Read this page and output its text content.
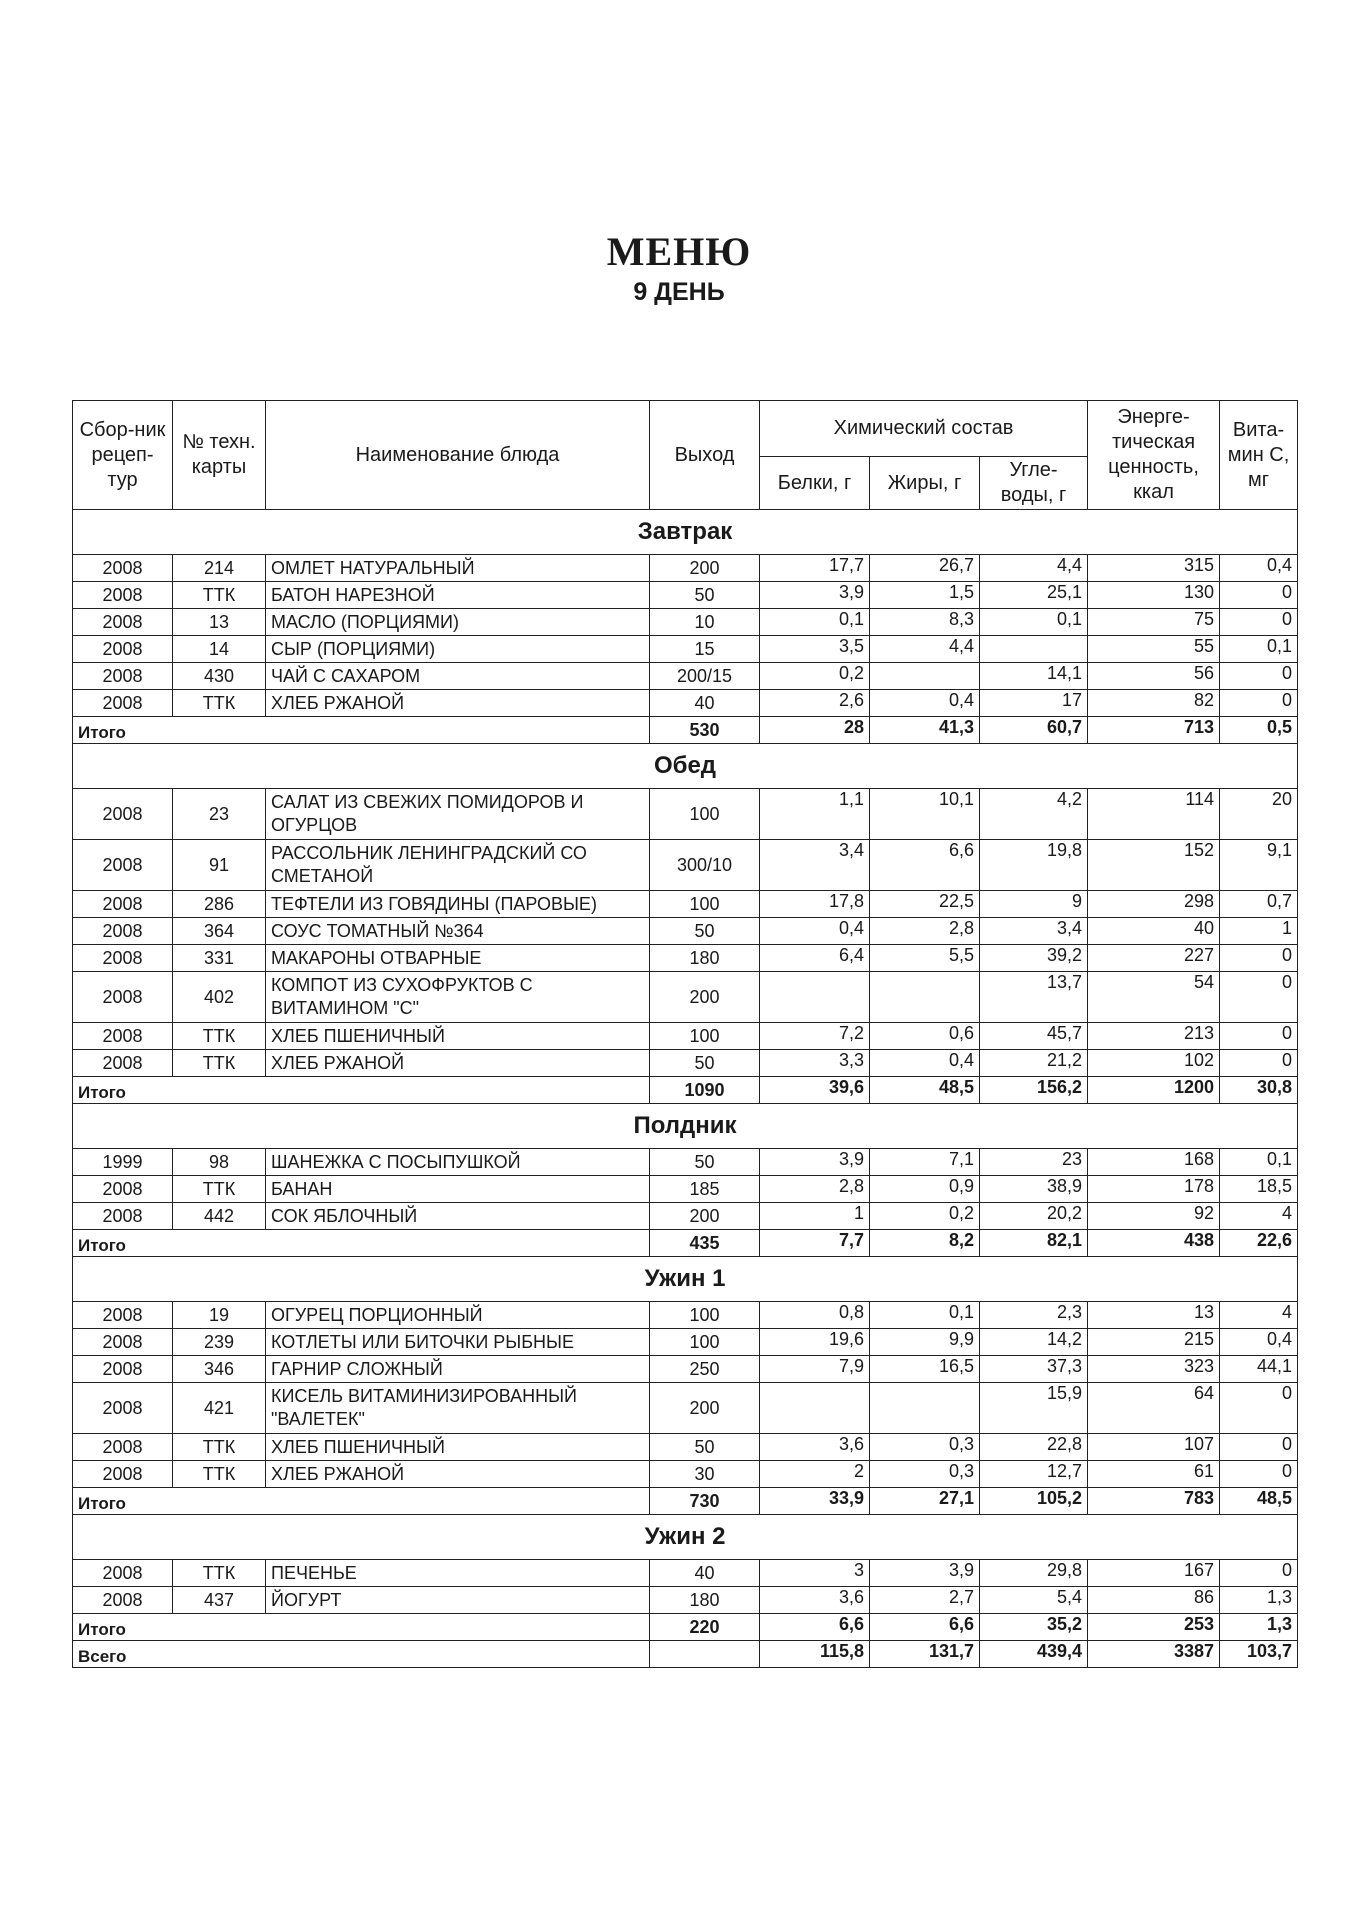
МЕНЮ
9 ДЕНЬ
Сбор-ник рецеп-тур	№ техн. карты	Наименование блюда	Выход	Химический состав			Энерге-тическая ценность, ккал	Вита-мин С, мг
				Белки, г	Жиры, г	Угле-воды, г		
Завтрак								
2008	214	ОМЛЕТ НАТУРАЛЬНЫЙ	200	17,7	26,7	4,4	315	0,4
2008	ТТК	БАТОН НАРЕЗНОЙ	50	3,9	1,5	25,1	130	0
2008	13	МАСЛО (ПОРЦИЯМИ)	10	0,1	8,3	0,1	75	0
2008	14	СЫР (ПОРЦИЯМИ)	15	3,5	4,4		55	0,1
2008	430	ЧАЙ С САХАРОМ	200/15	0,2		14,1	56	0
2008	ТТК	ХЛЕБ РЖАНОЙ	40	2,6	0,4	17	82	0
Итого			530	28	41,3	60,7	713	0,5
Обед								
2008	23	САЛАТ ИЗ СВЕЖИХ ПОМИДОРОВ И ОГУРЦОВ	100	1,1	10,1	4,2	114	20
2008	91	РАССОЛЬНИК ЛЕНИНГРАДСКИЙ СО СМЕТАНОЙ	300/10	3,4	6,6	19,8	152	9,1
2008	286	ТЕФТЕЛИ ИЗ ГОВЯДИНЫ (ПАРОВЫЕ)	100	17,8	22,5	9	298	0,7
2008	364	СОУС ТОМАТНЫЙ №364	50	0,4	2,8	3,4	40	1
2008	331	МАКАРОНЫ ОТВАРНЫЕ	180	6,4	5,5	39,2	227	0
2008	402	КОМПОТ ИЗ СУХОФРУКТОВ С ВИТАМИНОМ "С"	200			13,7	54	0
2008	ТТК	ХЛЕБ ПШЕНИЧНЫЙ	100	7,2	0,6	45,7	213	0
2008	ТТК	ХЛЕБ РЖАНОЙ	50	3,3	0,4	21,2	102	0
Итого			1090	39,6	48,5	156,2	1200	30,8
Полдник								
1999	98	ШАНЕЖКА С ПОСЫПУШКОЙ	50	3,9	7,1	23	168	0,1
2008	ТТК	БАНАН	185	2,8	0,9	38,9	178	18,5
2008	442	СОК ЯБЛОЧНЫЙ	200	1	0,2	20,2	92	4
Итого			435	7,7	8,2	82,1	438	22,6
Ужин 1								
2008	19	ОГУРЕЦ ПОРЦИОННЫЙ	100	0,8	0,1	2,3	13	4
2008	239	КОТЛЕТЫ ИЛИ БИТОЧКИ РЫБНЫЕ	100	19,6	9,9	14,2	215	0,4
2008	346	ГАРНИР СЛОЖНЫЙ	250	7,9	16,5	37,3	323	44,1
2008	421	КИСЕЛЬ ВИТАМИНИЗИРОВАННЫЙ "ВАЛЕТЕК"	200			15,9	64	0
2008	ТТК	ХЛЕБ ПШЕНИЧНЫЙ	50	3,6	0,3	22,8	107	0
2008	ТТК	ХЛЕБ РЖАНОЙ	30	2	0,3	12,7	61	0
Итого			730	33,9	27,1	105,2	783	48,5
Ужин 2								
2008	ТТК	ПЕЧЕНЬЕ	40	3	3,9	29,8	167	0
2008	437	ЙОГУРТ	180	3,6	2,7	5,4	86	1,3
Итого			220	6,6	6,6	35,2	253	1,3
Всего				115,8	131,7	439,4	3387	103,7
